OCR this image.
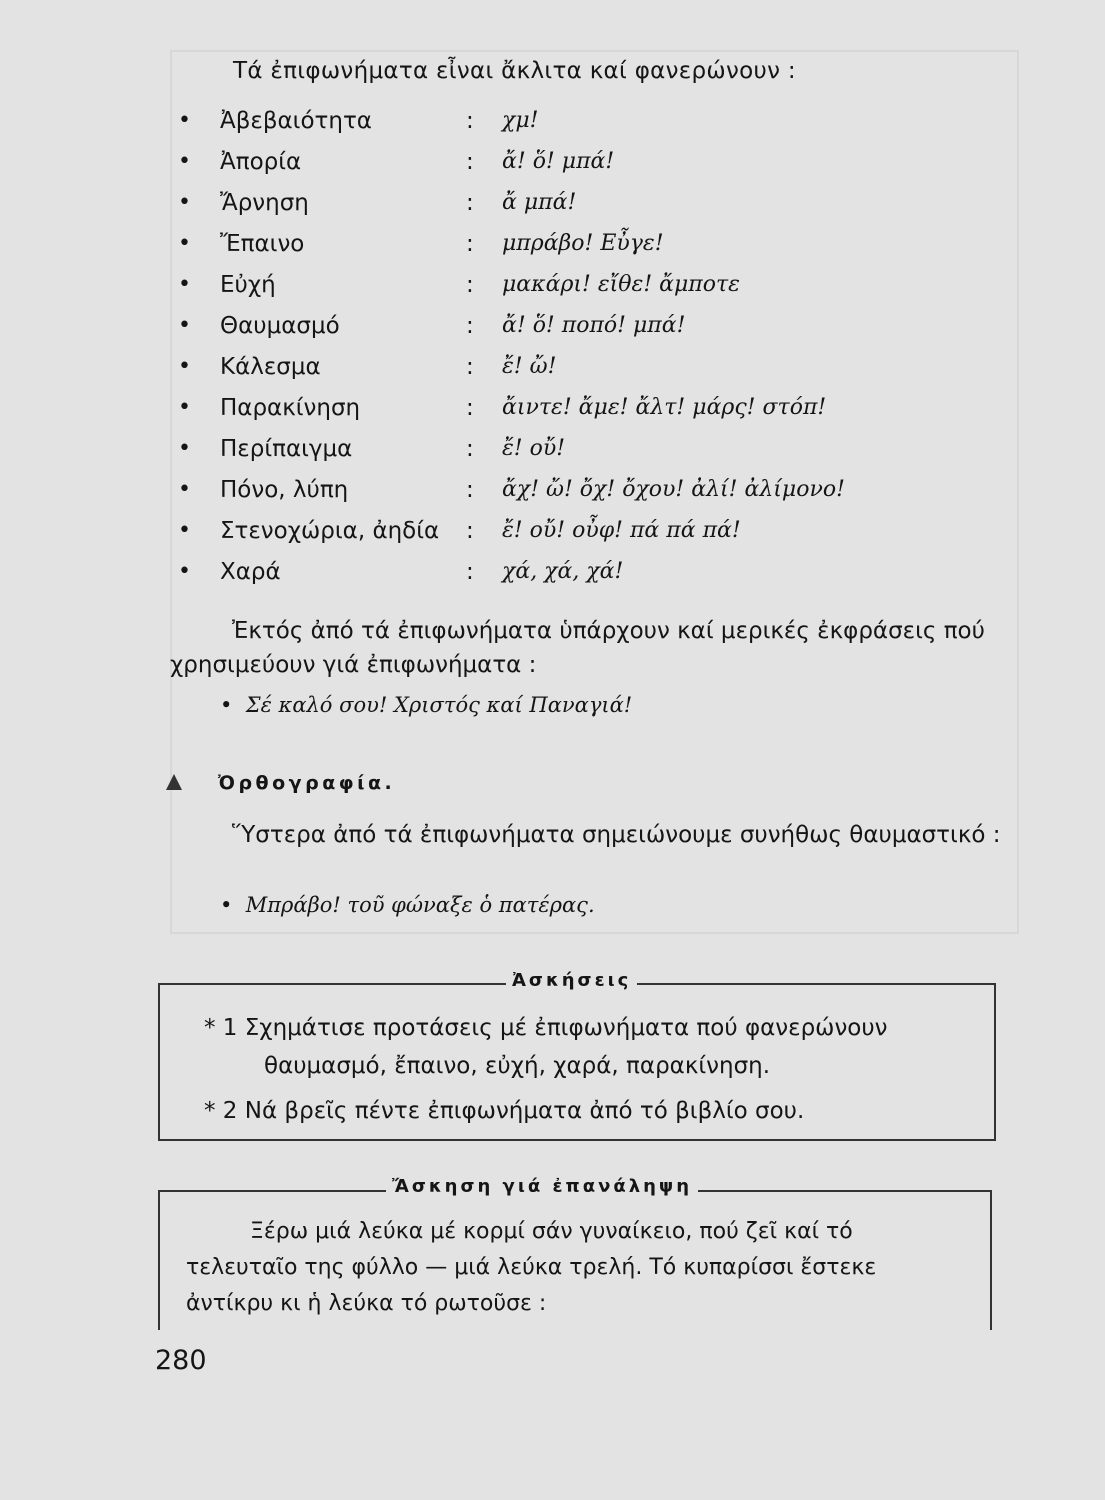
Τά ἐπιφωνήματα εἶναι ἄκλιτα καί φανερώνουν :
• Ἀβεβαιότητα	: χμ!
• Ἀπορία	: ἄ! ὅ! μπά!
• Ἄρνηση	: ἄ μπά!
• Ἔπαινο	: μπράβο! Εὖγε!
• Εὐχή	: μακάρι! εἴθε! ἄμποτε
• Θαυμασμό	: ἄ! ὅ! ποπό! μπά!
• Κάλεσμα	: ἔ! ὤ!
• Παρακίνηση	: ἄιντε! ἄμε! ἄλτ! μάρς! στόπ!
• Περίπαιγμα	: ἔ! οὔ!
• Πόνο, λύπη	: ἄχ! ὤ! ὄχ! ὄχου! ἀλί! ἀλίμονο!
• Στενοχώρια, ἀηδία : ἔ! οὔ! οὖφ! πά πά πά!
• Χαρά	: χά, χά, χά!
Ἐκτός ἀπό τά ἐπιφωνήματα ὑπάρχουν καί μερικές ἐκφράσεις πού χρησιμεύουν γιά ἐπιφωνήματα :
• Σέ καλό σου! Χριστός καί Παναγιά!
Ὀρθογραφία.
Ὕστερα ἀπό τά ἐπιφωνήματα σημειώνουμε συνήθως θαυμαστικό :
• Μπράβο! τοῦ φώναξε ὁ πατέρας.
Ἀσκήσεις
* 1 Σχημάτισε προτάσεις μέ ἐπιφωνήματα πού φανερώνουν
θαυμασμό, ἔπαινο, εὐχή, χαρά, παρακίνηση.
* 2 Νά βρεῖς πέντε ἐπιφωνήματα ἀπό τό βιβλίο σου.
Ἄσκηση γιά ἐπανάληψη
Ξέρω μιά λεύκα μέ κορμί σάν γυναίκειο, πού ζεῖ καί τό τελευταῖο της φύλλο — μιά λεύκα τρελή. Τό κυπαρίσσι ἔστεκε ἀντίκρυ κι ἡ λεύκα τό ρωτοῦσε :
280
